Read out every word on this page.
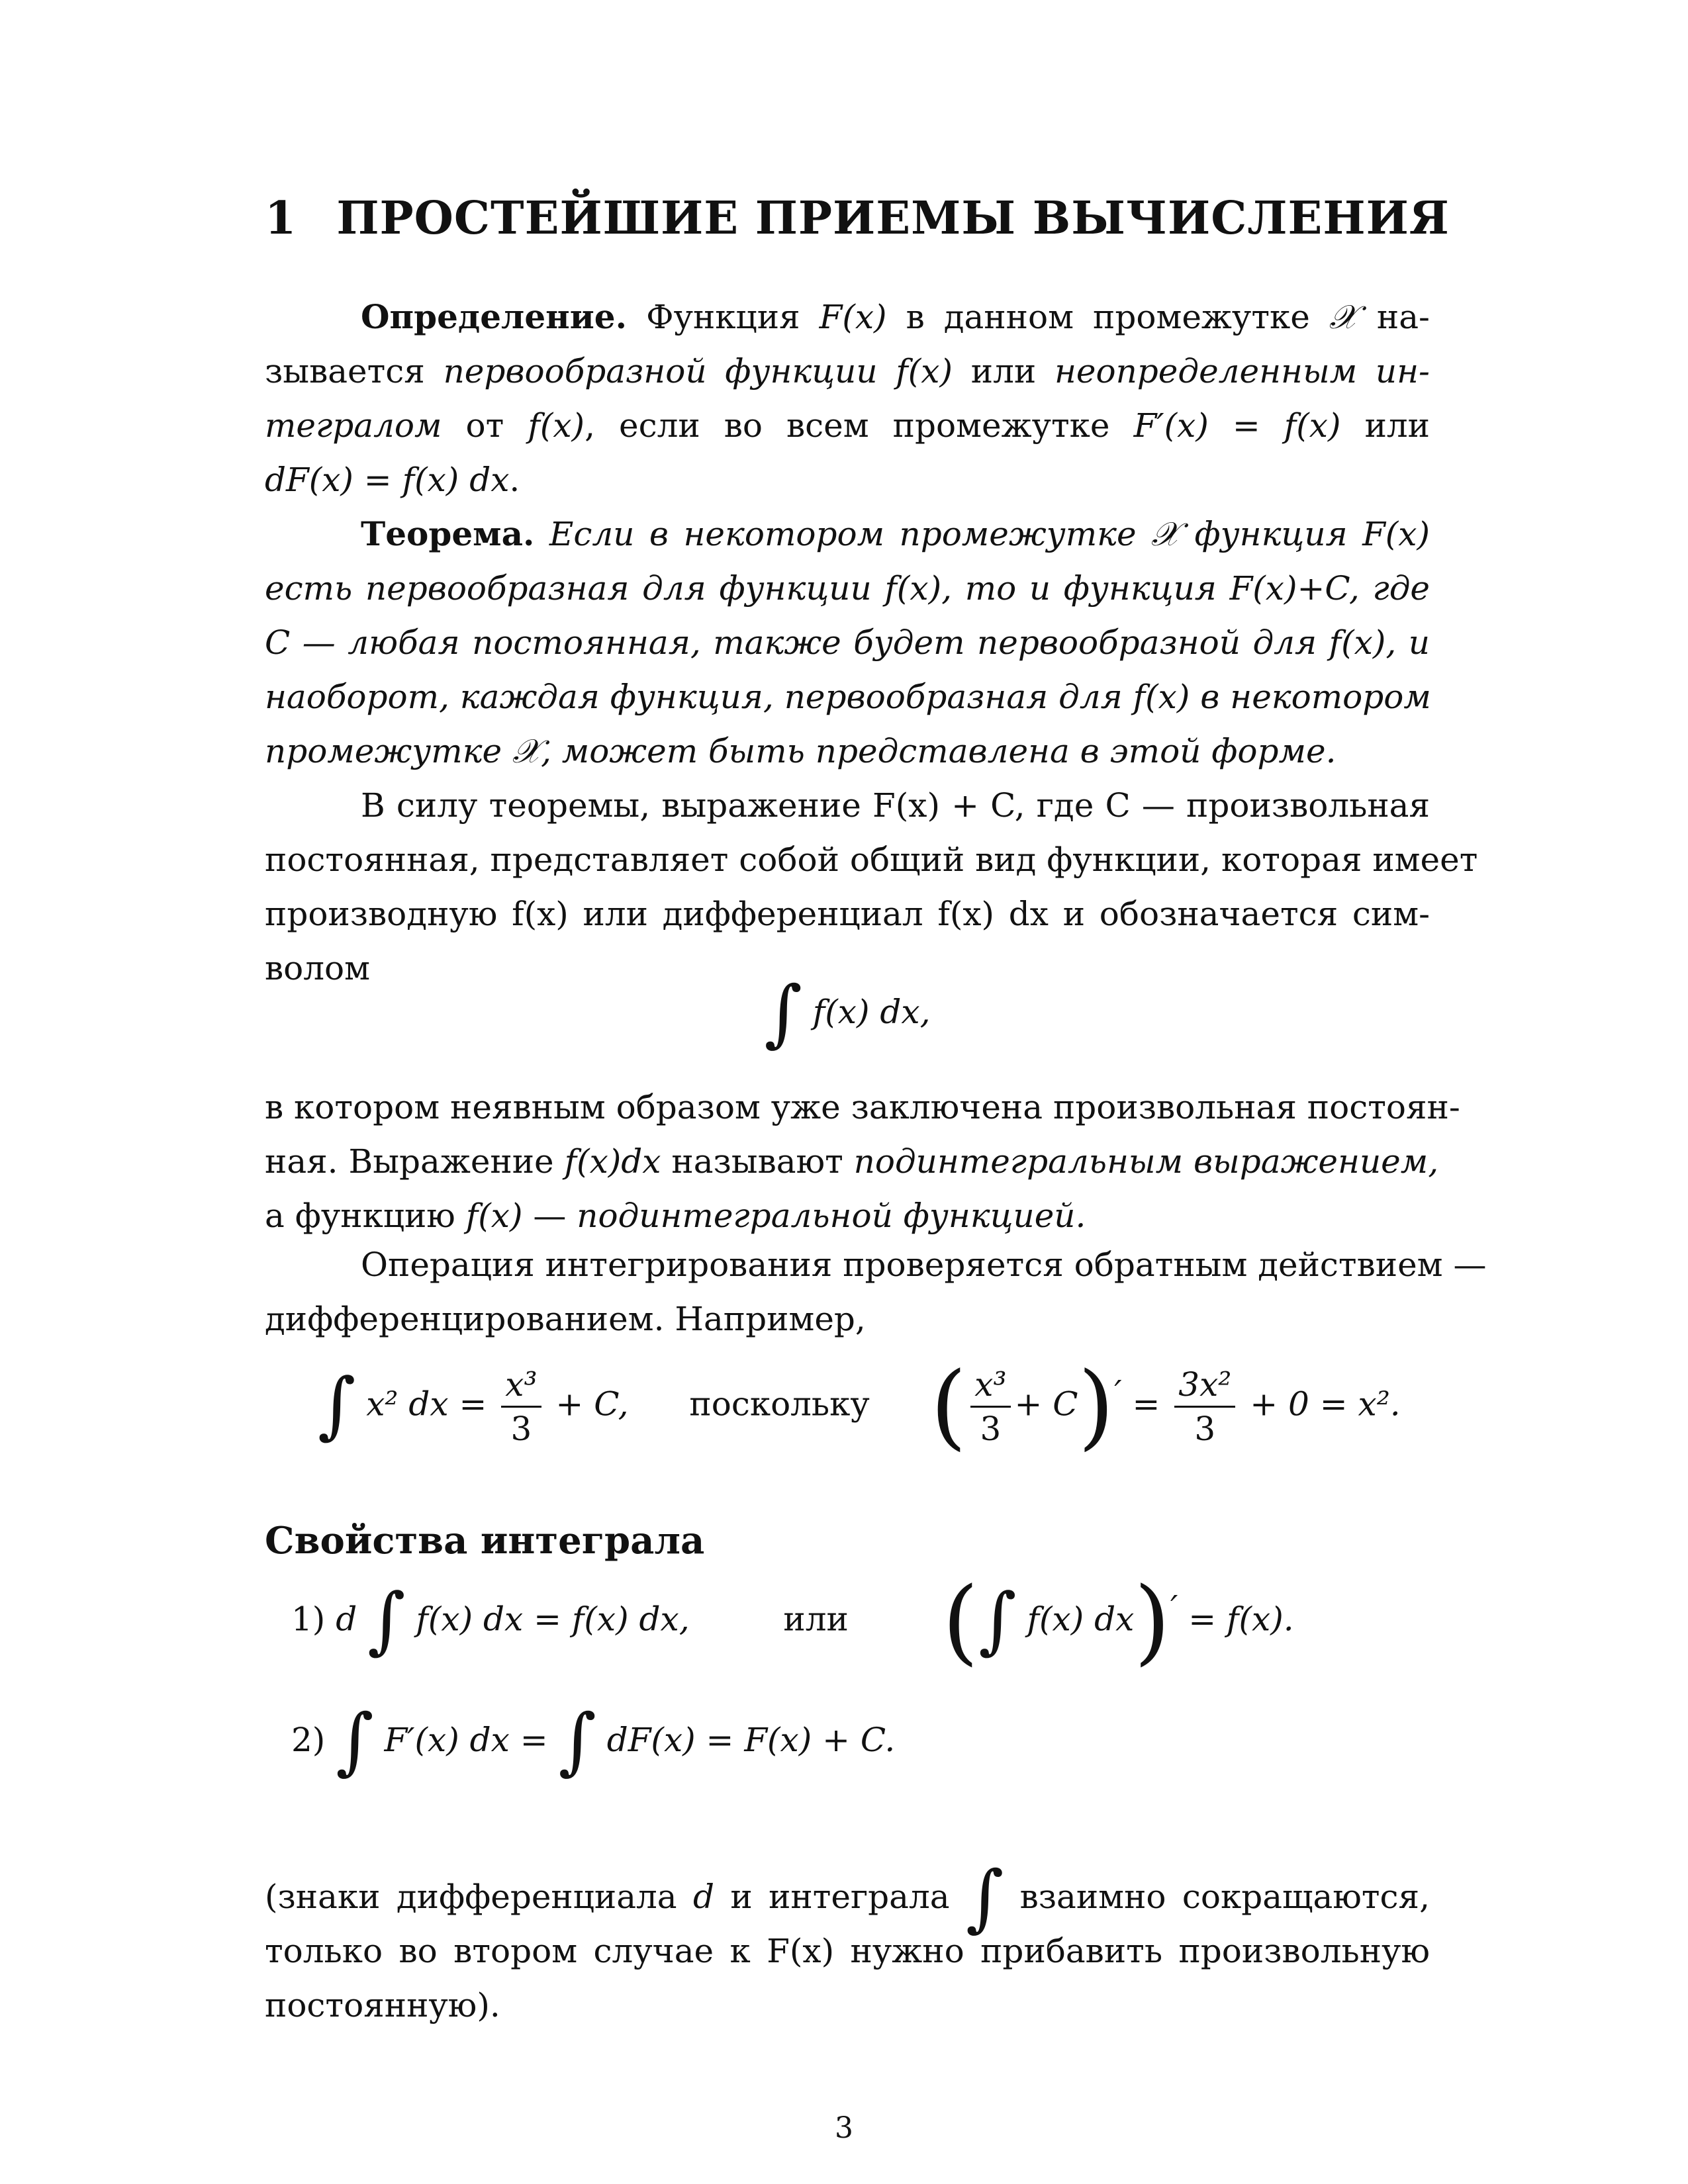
1 ПРОСТЕЙШИЕ ПРИЕМЫ ВЫЧИСЛЕНИЯ
Определение. Функция F(x) в данном промежутке 𝒳 на-
зывается первообразной функции f(x) или неопределенным ин-
тегралом от f(x), если во всем промежутке F′(x) = f(x) или
dF(x) = f(x) dx.
Теорема. Если в некотором промежутке 𝒳 функция F(x)
есть первообразная для функции f(x), то и функция F(x)+C, где
C — любая постоянная, также будет первообразной для f(x), и
наоборот, каждая функция, первообразная для f(x) в некотором
промежутке 𝒳, может быть представлена в этой форме.
В силу теоремы, выражение F(x) + C, где C — произвольная
постоянная, представляет собой общий вид функции, которая имеет
производную f(x) или дифференциал f(x) dx и обозначается сим-
волом
∫ f(x) dx,
в котором неявным образом уже заключена произвольная постоян-
ная. Выражение f(x)dx называют подинтегральным выражением,
а функцию f(x) — подинтегральной функцией.
Операция интегрирования проверяется обратным действием —
дифференцированием. Например,
∫ x² dx = $\frac{\text{x³}}{3} + C$, поскольку ( $\frac{\text{x³}}{3} + C)' = \frac{\text{3x²}}{3} + 0 = x^2$.
Свойства интеграла
1) d ∫ f(x) dx = f(x) dx,	или (∫ f(x) dx)′ = f(x).
2) ∫ F′(x) dx = ∫ dF(x) = F(x) + C.
(знаки дифференциала d и интеграла ∫ взаимно сокращаются,
только во втором случае к F(x) нужно прибавить произвольную
постоянную).
3
